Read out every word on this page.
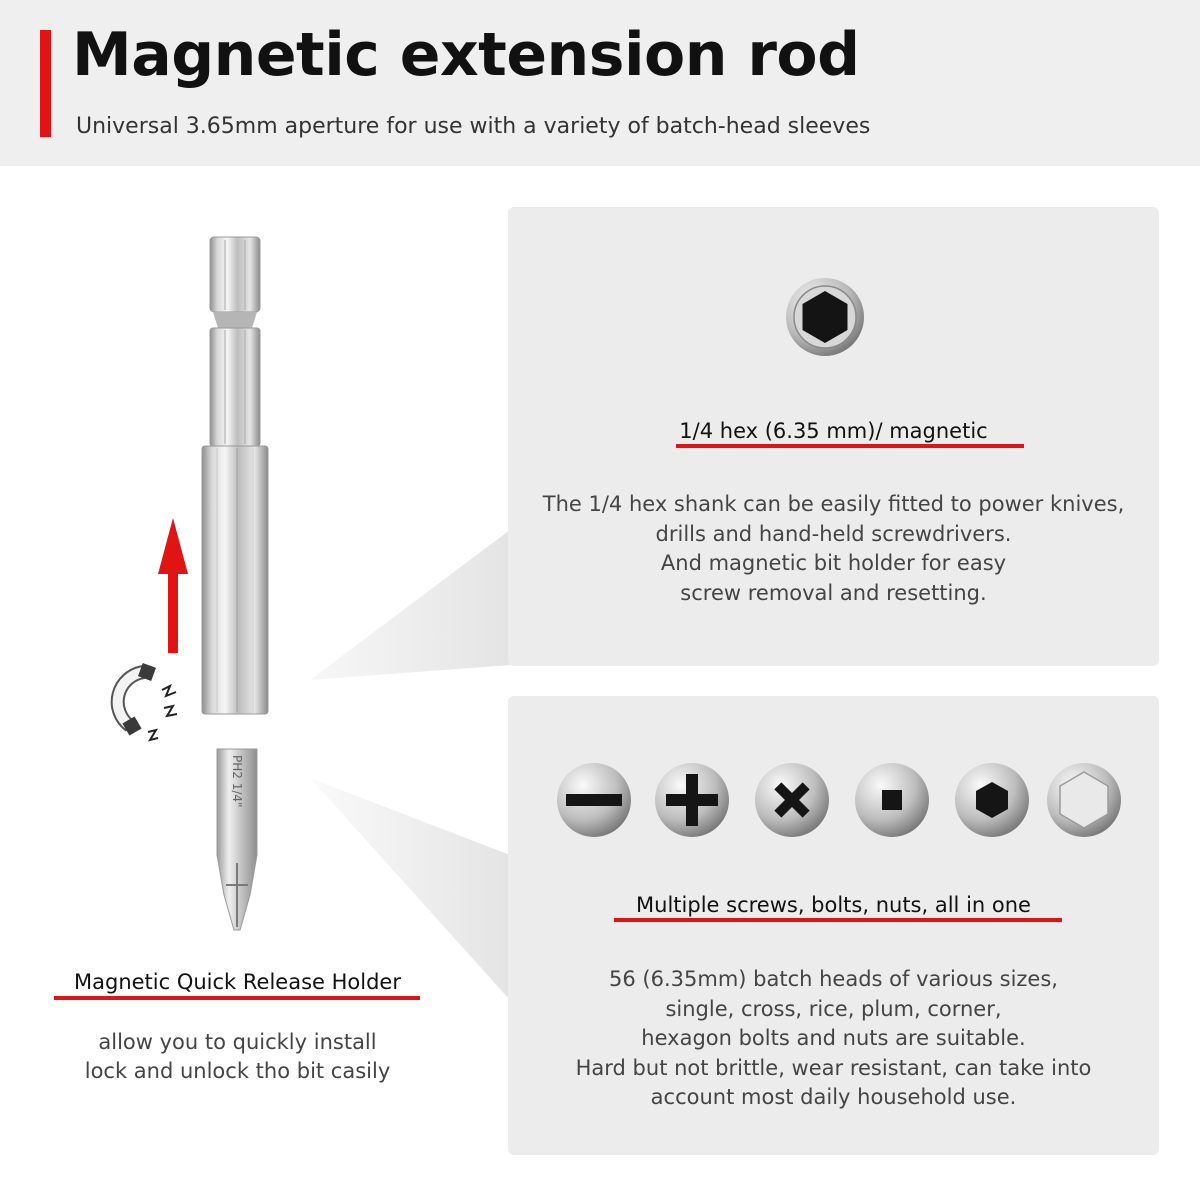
Magnetic extension rod
Universal 3.65mm aperture for use with a variety of batch-head sleeves
1/4 hex (6.35 mm)/ magnetic
The 1/4 hex shank can be easily fitted to power knives,
drills and hand-held screwdrivers.
And magnetic bit holder for easy
screw removal and resetting.
Multiple screws, bolts, nuts, all in one
56 (6.35mm) batch heads of various sizes,
single, cross, rice, plum, corner,
hexagon bolts and nuts are suitable.
Hard but not brittle, wear resistant, can take into
account most daily household use.
PH2 1/4"
Magnetic Quick Release Holder
allow you to quickly install
lock and unlock tho bit casily
